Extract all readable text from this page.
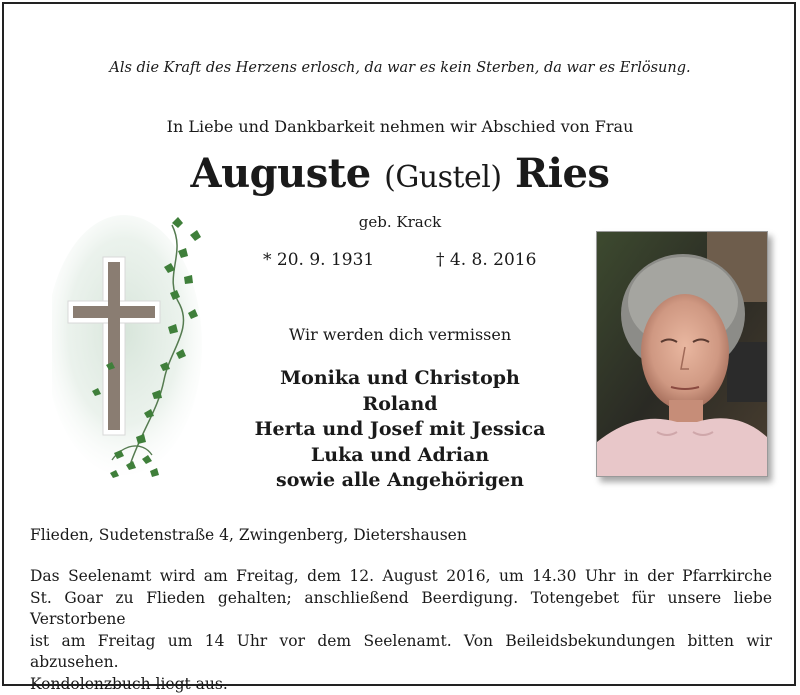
Als die Kraft des Herzens erlosch, da war es kein Sterben, da war es Erlösung.
In Liebe und Dankbarkeit nehmen wir Abschied von Frau
Auguste (Gustel) Ries
geb. Krack
* 20. 9. 1931	† 4. 8. 2016
Wir werden dich vermissen
Monika und Christoph
Roland
Herta und Josef mit Jessica
Luka und Adrian
sowie alle Angehörigen
Flieden, Sudetenstraße 4, Zwingenberg, Dietershausen
Das Seelenamt wird am Freitag, dem 12. August 2016, um 14.30 Uhr in der Pfarrkirche
St. Goar zu Flieden gehalten; anschließend Beerdigung. Totengebet für unsere liebe Verstorbene
ist am Freitag um 14 Uhr vor dem Seelenamt. Von Beileidsbekundungen bitten wir abzusehen.
Kondolenzbuch liegt aus.
